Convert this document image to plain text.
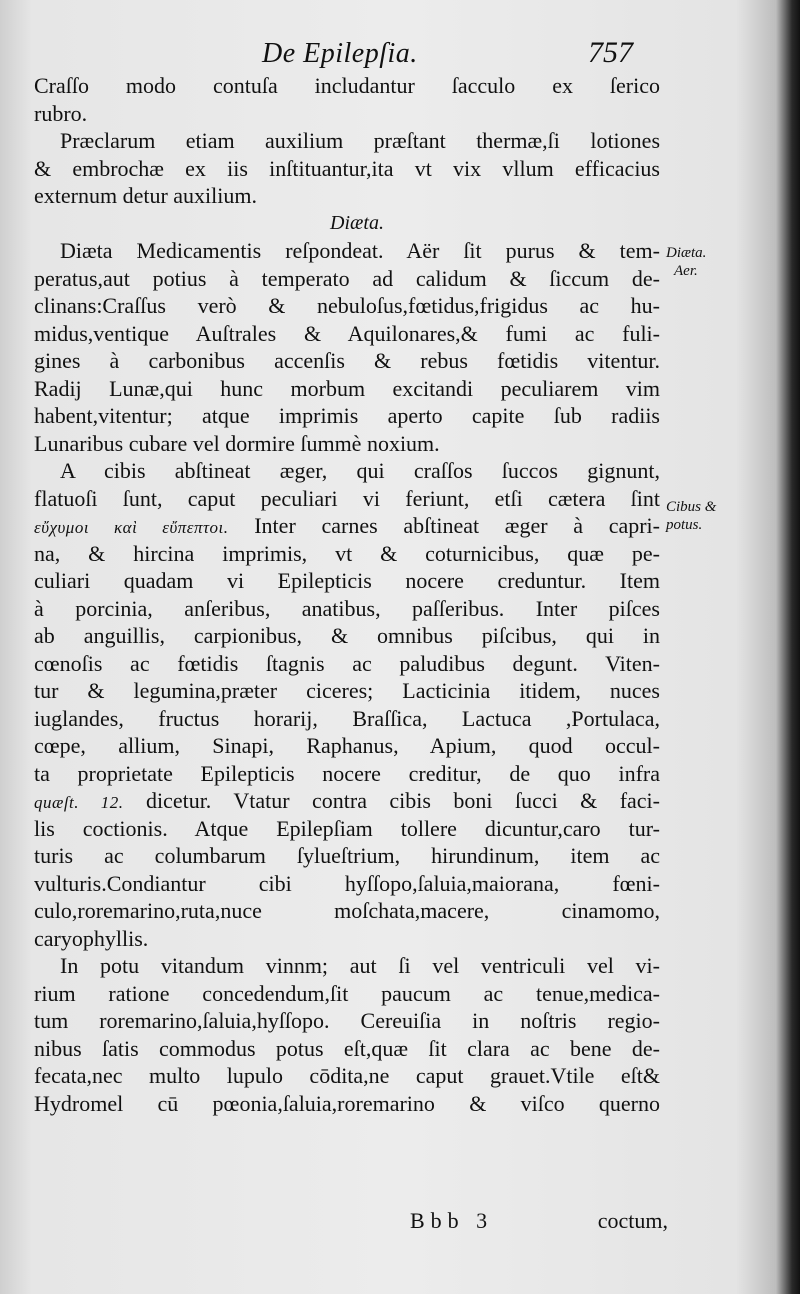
De Epilepſia.	757
Craſſo modo contuſa includantur ſacculo ex ſerico
rubro.
Præclarum etiam auxilium præſtant thermæ,ſi lotiones
& embrochæ ex iis inſtituantur,ita vt vix vllum efficacius
externum detur auxilium.
Diæta.
Diæta Medicamentis reſpondeat. Aër ſit purus & tem-
peratus,aut potius à temperato ad calidum & ſiccum de-
clinans:Craſſus verò & nebuloſus,fœtidus,frigidus ac hu-
midus,ventique Auſtrales & Aquilonares,& fumi ac fuli-
gines à carbonibus accenſis & rebus fœtidis vitentur.
Radij Lunæ,qui hunc morbum excitandi peculiarem vim
habent,vitentur; atque imprimis aperto capite ſub radiis
Lunaribus cubare vel dormire ſummè noxium.
A cibis abſtineat æger, qui craſſos ſuccos gignunt,
flatuoſi ſunt, caput peculiari vi feriunt, etſi cætera ſint
εὔχυμοι καὶ εὔπεπτοι. Inter carnes abſtineat æger à capri-
na, & hircina imprimis, vt & coturnicibus, quæ pe-
culiari quadam vi Epilepticis nocere creduntur. Item
à porcinia, anſeribus, anatibus, paſſeribus. Inter piſces
ab anguillis, carpionibus, & omnibus piſcibus, qui in
cœnoſis ac fœtidis ſtagnis ac paludibus degunt. Viten-
tur & legumina,præter ciceres; Lacticinia itidem, nuces
iuglandes, fructus horarij, Braſſica, Lactuca ,Portulaca,
cœpe, allium, Sinapi, Raphanus, Apium, quod occul-
ta proprietate Epilepticis nocere creditur, de quo infra
quæſt. 12. dicetur. Vtatur contra cibis boni ſucci & faci-
lis coctionis. Atque Epilepſiam tollere dicuntur,caro tur-
turis ac columbarum ſylueſtrium, hirundinum, item ac
vulturis.Condiantur cibi hyſſopo,ſaluia,maiorana, fœni-
culo,roremarino,ruta,nuce moſchata,macere, cinamomo,
caryophyllis.
In potu vitandum vinnm; aut ſi vel ventriculi vel vi-
rium ratione concedendum,ſit paucum ac tenue,medica-
tum roremarino,ſaluia,hyſſopo. Cereuiſia in noſtris regio-
nibus ſatis commodus potus eſt,quæ ſit clara ac bene de-
fecata,nec multo lupulo cōdita,ne caput grauet.Vtile eſt&
Hydromel cū pœonia,ſaluia,roremarino & viſco querno
Diæta.
Aer.
Cibus &
potus.
Bbb 3	coctum,
